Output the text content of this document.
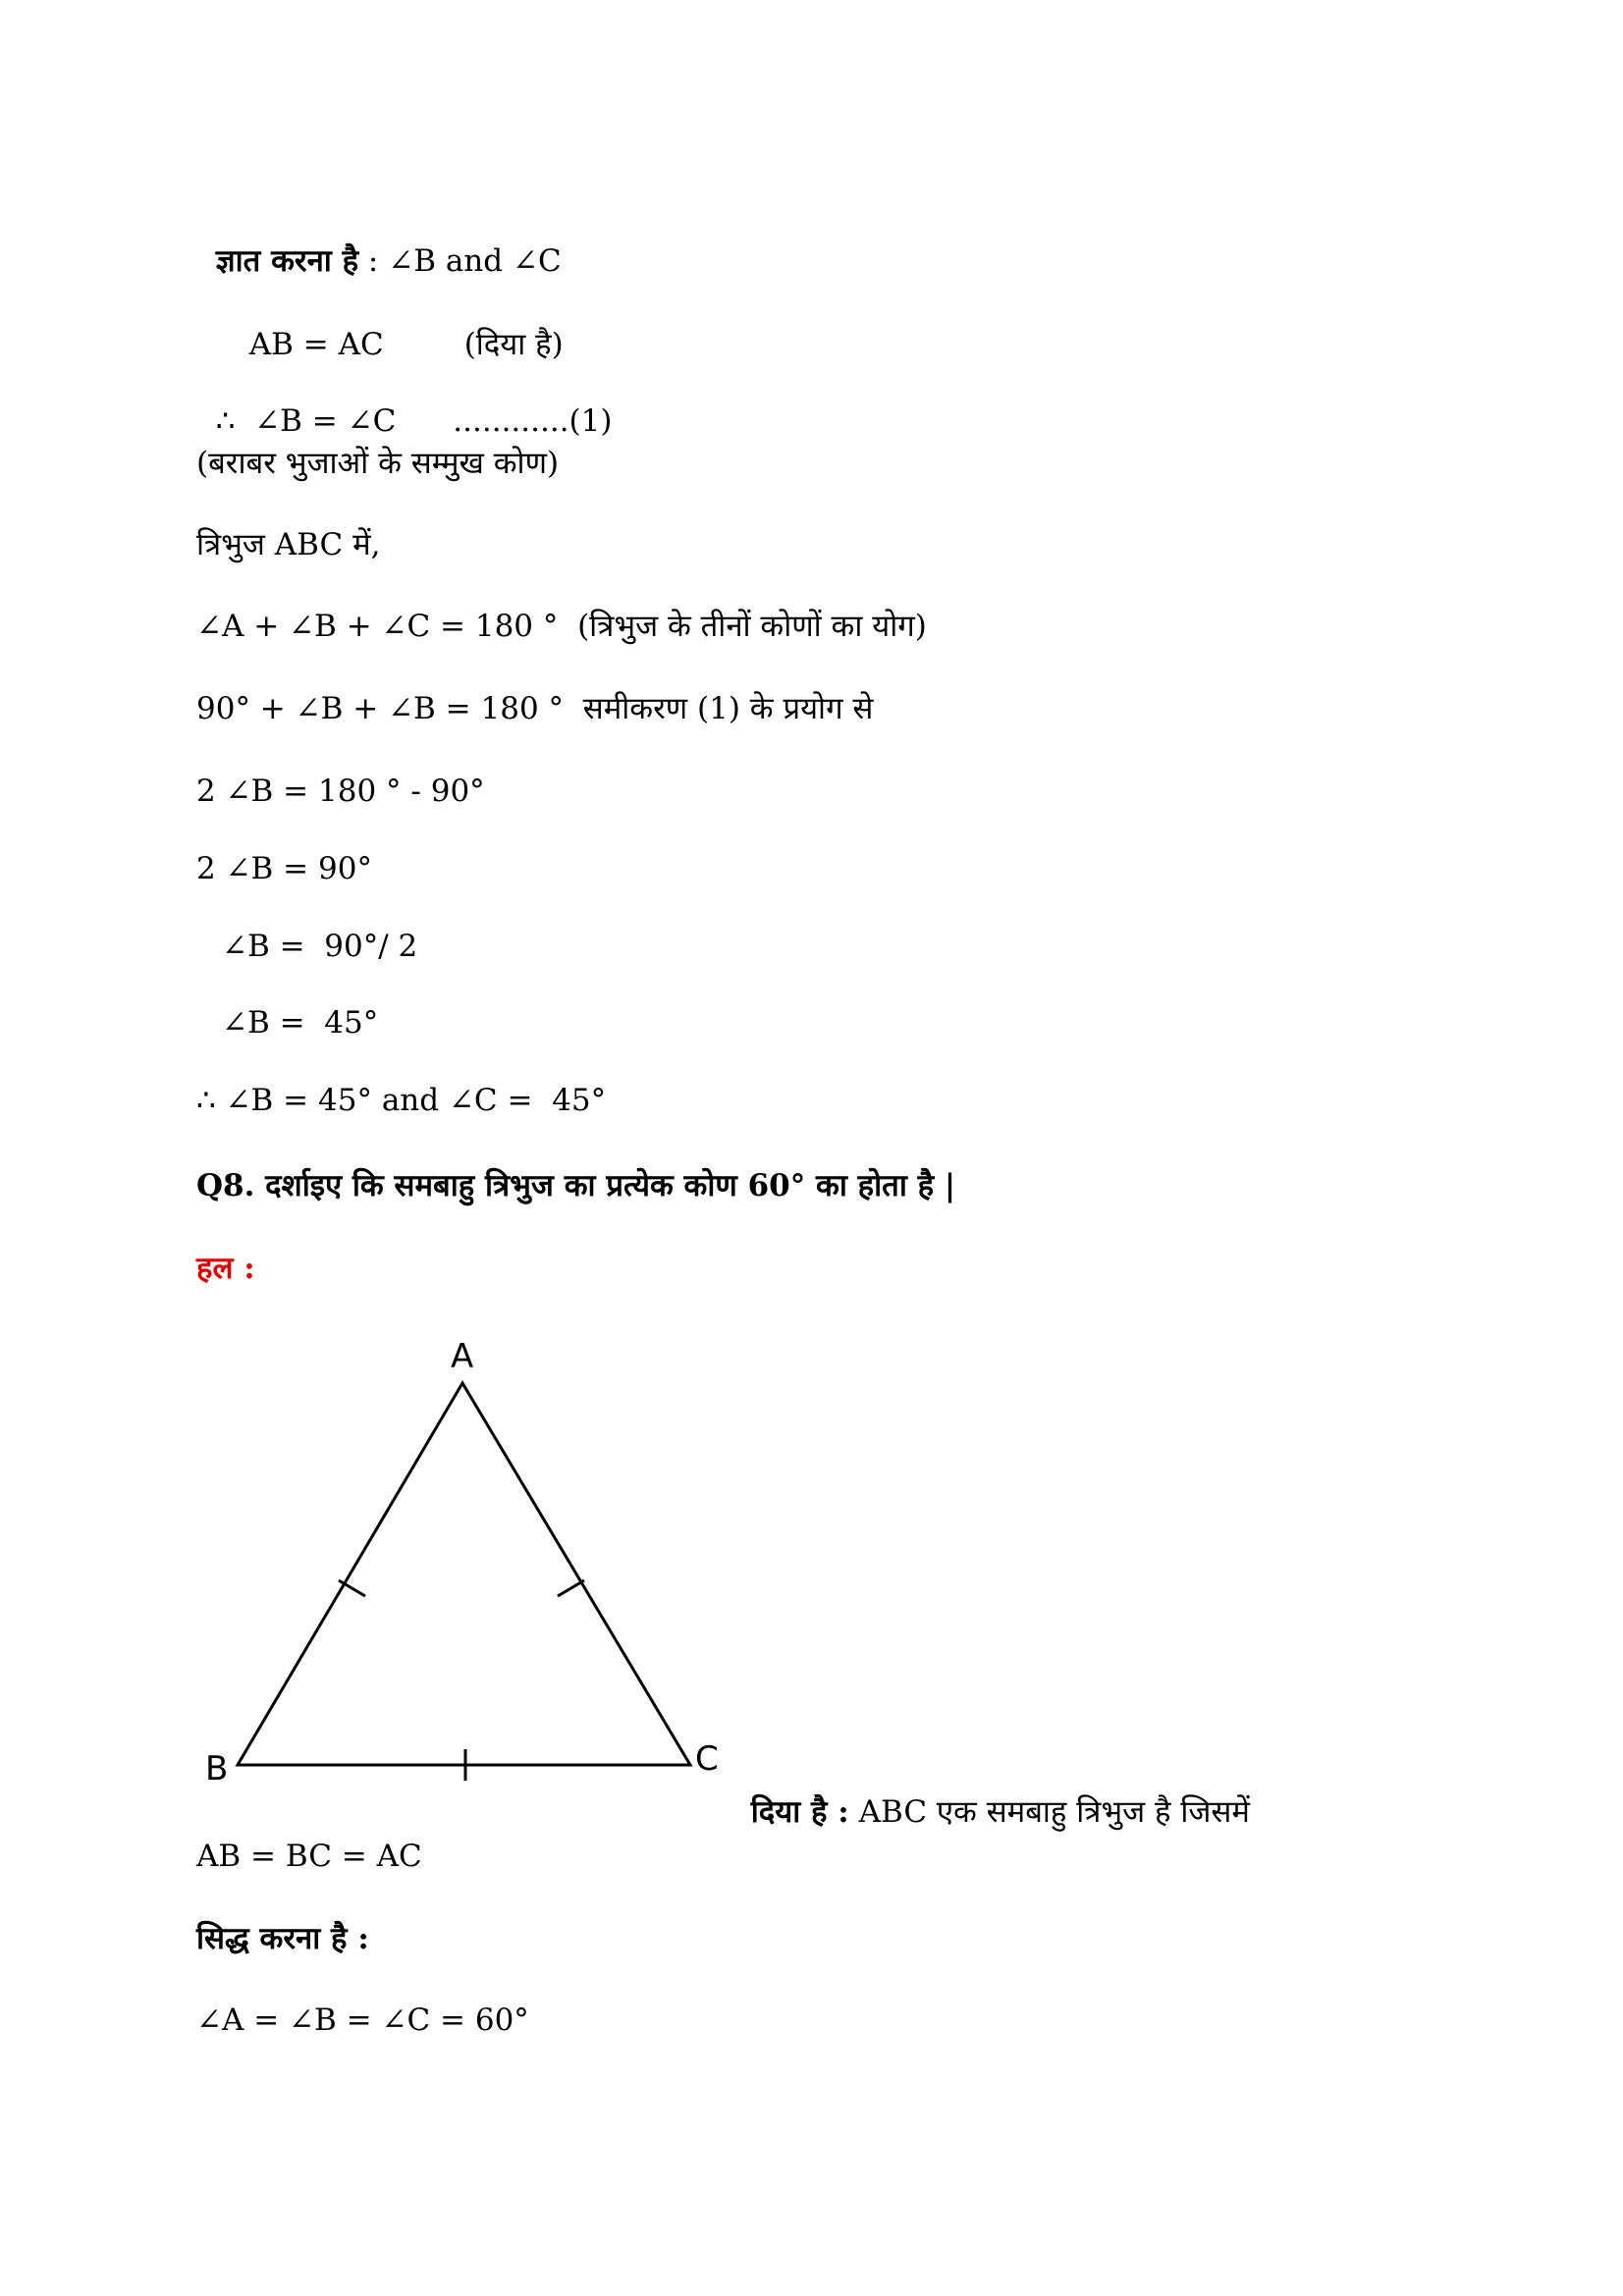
ज्ञात करना है : ∠B and ∠C

AB = AC	(दिया है)

∴  ∠B = ∠C ............(1)

(बराबर भुजाओं के सम्मुख कोण)
त्रिभुज ABC में,
∠A + ∠B + ∠C = 180 °  (त्रिभुज के तीनों कोणों का योग)
90° + ∠B + ∠B = 180 °  समीकरण (1) के प्रयोग से
2 ∠B = 180 ° - 90°
2 ∠B = 90°
∠B =  90°/ 2
∠B =  45°
∴ ∠B = 45° and ∠C =  45°
Q8. दर्शाइए कि समबाहु त्रिभुज का प्रत्येक कोण 60° का होता है |
हल :
A
B	C

दिया है : ABC एक समबाहु त्रिभुज है जिसमें

AB = BC = AC
सिद्ध करना है :
∠A = ∠B = ∠C = 60°
